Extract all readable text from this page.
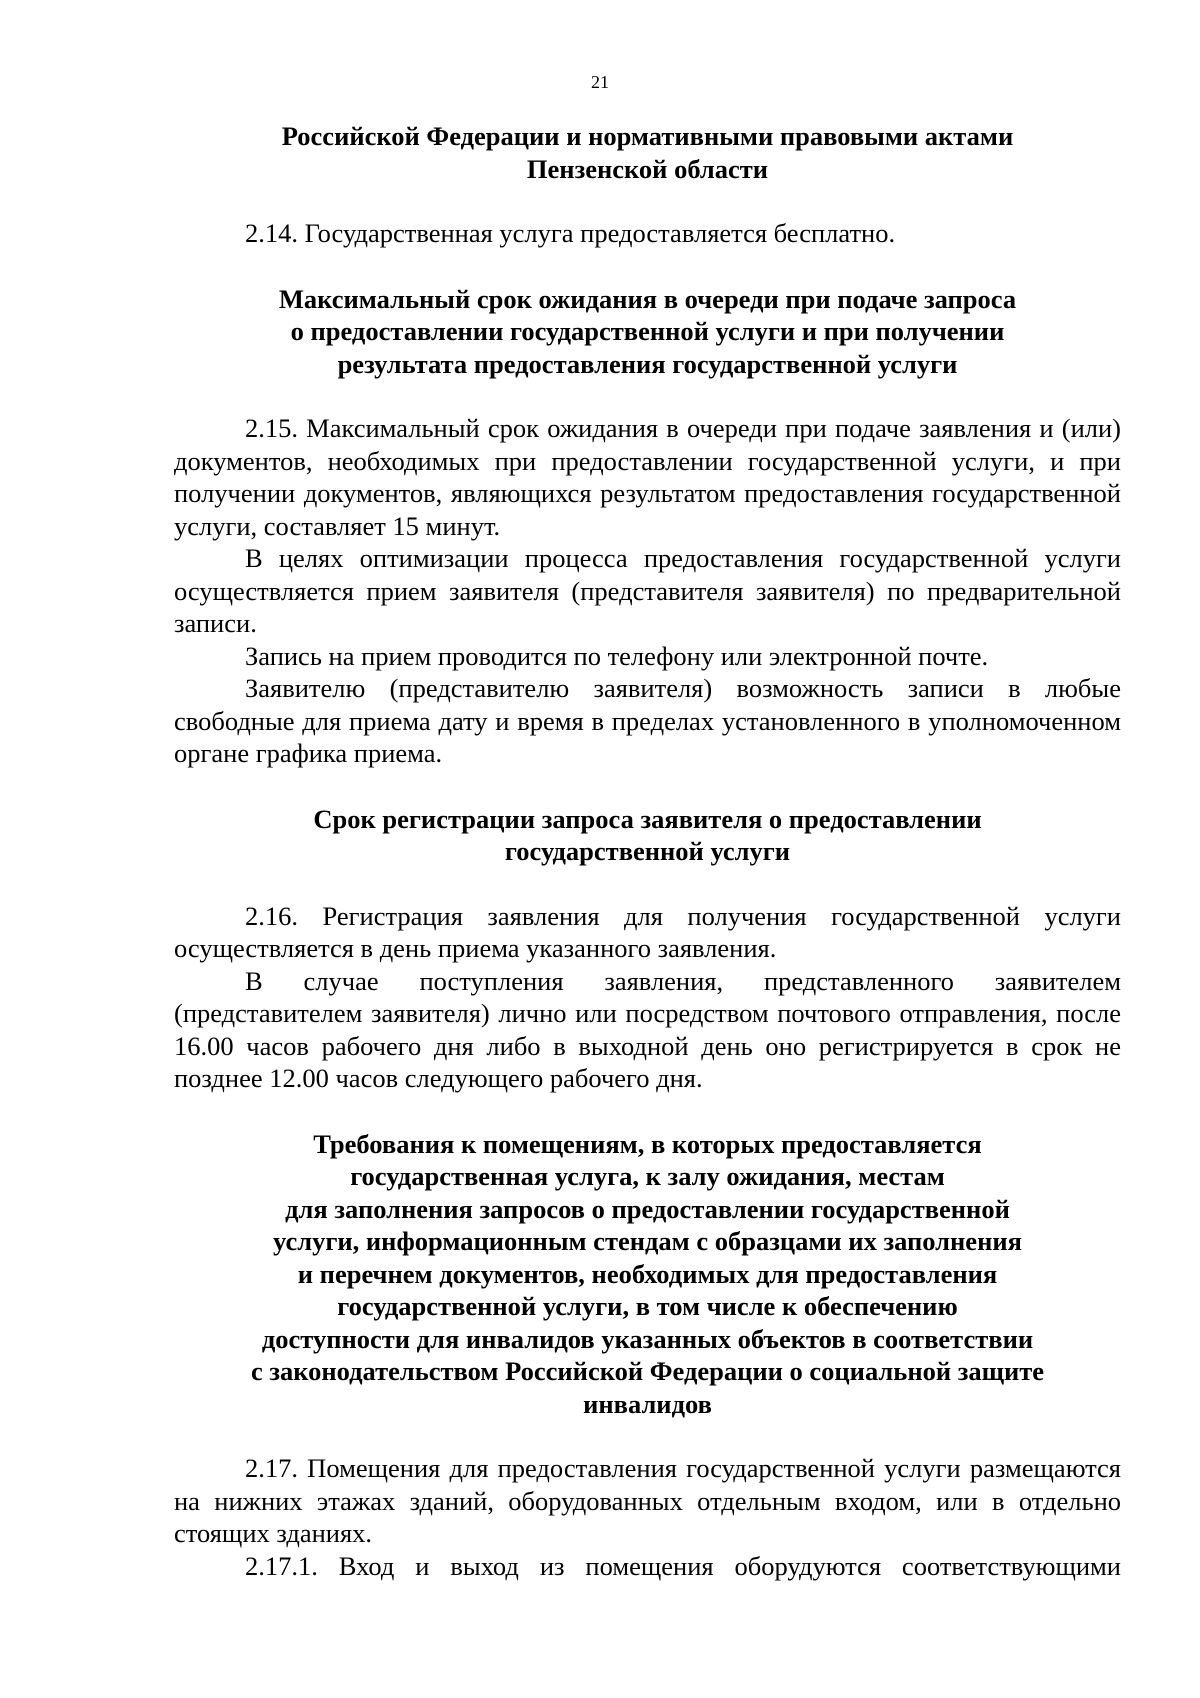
21
Российской Федерации и нормативными правовыми актами
Пензенской области

2.14. Государственная услуга предоставляется бесплатно.

Максимальный срок ожидания в очереди при подаче запроса
о предоставлении государственной услуги и при получении
результата предоставления государственной услуги

2.15. Максимальный срок ожидания в очереди при подаче заявления и (или) документов, необходимых при предоставлении государственной услуги, и при получении документов, являющихся результатом предоставления государственной услуги, составляет 15 минут.

В целях оптимизации процесса предоставления государственной услуги осуществляется прием заявителя (представителя заявителя) по предварительной записи.

Запись на прием проводится по телефону или электронной почте.

Заявителю (представителю заявителя) возможность записи в любые свободные для приема дату и время в пределах установленного в уполномоченном органе графика приема.

Срок регистрации запроса заявителя о предоставлении
государственной услуги

2.16. Регистрация заявления для получения государственной услуги осуществляется в день приема указанного заявления.

В случае поступления заявления, представленного заявителем (представителем заявителя) лично или посредством почтового отправления, после 16.00 часов рабочего дня либо в выходной день оно регистрируется в срок не позднее 12.00 часов следующего рабочего дня.

Требования к помещениям, в которых предоставляется
государственная услуга, к залу ожидания, местам
для заполнения запросов о предоставлении государственной
услуги, информационным стендам с образцами их заполнения
и перечнем документов, необходимых для предоставления
государственной услуги, в том числе к обеспечению
доступности для инвалидов указанных объектов в соответствии
с законодательством Российской Федерации о социальной защите
инвалидов

2.17. Помещения для предоставления государственной услуги размещаются на нижних этажах зданий, оборудованных отдельным входом, или в отдельно стоящих зданиях.

2.17.1. Вход и выход из помещения оборудуются соответствующими
